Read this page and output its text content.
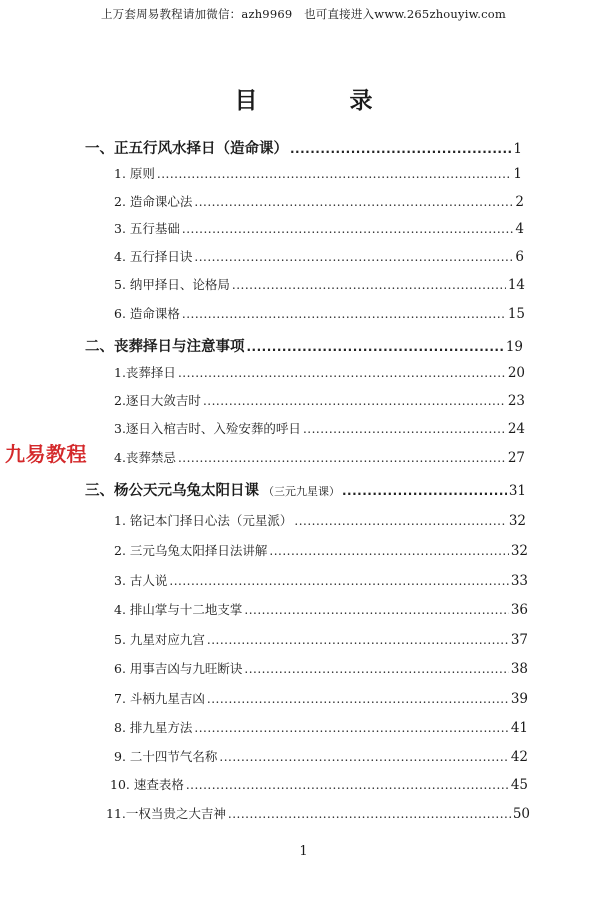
上万套周易教程请加微信：azh9969　也可直接进入www.265zhouyiw.com
目	录
一、正五行风水择日（造命课） .....	1
1. 原则 .....	1
2. 造命课心法 .....	2
3. 五行基础 .....	4
4. 五行择日诀 .....	6
5. 纳甲择日、论格局 .....	14
6. 造命课格 .....	15
二、丧葬择日与注意事项 .....	19
1.丧葬择日 .....	20
2.逐日大敛吉时 .....	23
3.逐日入棺吉时、入殓安葬的呼日 .....	24
4.丧葬禁忌 .....	27
三、杨公天元乌兔太阳日课 （三元九星课） .....	31
1. 铭记本门择日心法（元星派） .....	32
2. 三元乌兔太阳择日法讲解 .....	32
3. 古人说 .....	33
4. 排山掌与十二地支掌 .....	36
5. 九星对应九宫 .....	37
6. 用事吉凶与九旺断诀 .....	38
7. 斗柄九星吉凶 .....	39
8. 排九星方法 .....	41
9. 二十四节气名称 .....	42
10. 速查表格 .....	45
11.一权当贵之大吉神 .....	50
九易教程
1
